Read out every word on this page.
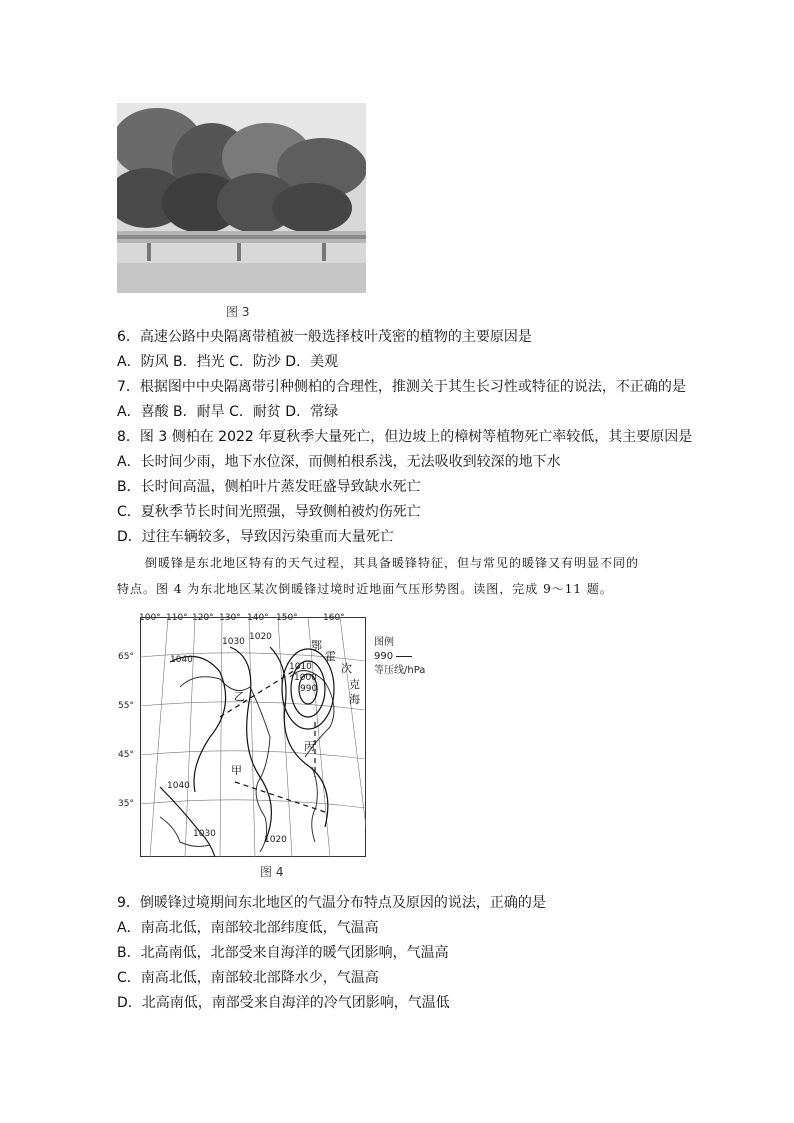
图 3
6．高速公路中央隔离带植被一般选择枝叶茂密的植物的主要原因是
A．防风 B．挡光 C．防沙 D．美观
7．根据图中中央隔离带引种侧柏的合理性，推测关于其生长习性或特征的说法，不正确的是
A．喜酸 B．耐旱 C．耐贫 D．常绿
8．图 3 侧柏在 2022 年夏秋季大量死亡，但边坡上的樟树等植物死亡率较低，其主要原因是
A．长时间少雨，地下水位深，而侧柏根系浅，无法吸收到较深的地下水
B．长时间高温，侧柏叶片蒸发旺盛导致缺水死亡
C．夏秋季节长时间光照强，导致侧柏被灼伤死亡
D．过往车辆较多，导致因污染重而大量死亡
倒暖锋是东北地区特有的天气过程，其具备暖锋特征，但与常见的暖锋又有明显不同的
特点。图 4 为东北地区某次倒暖锋过境时近地面气压形势图。读图，完成 9～11 题。
100° 110° 120° 130° 140° 150°	160°
65°
55°
45°
35°
1040
1030 1020
1010
1000
990
1040
1030
1020
甲
乙
丙
鄂
霍
次
克
海
图例
990
等压线/hPa
图 4
9．倒暖锋过境期间东北地区的气温分布特点及原因的说法，正确的是
A．南高北低，南部较北部纬度低，气温高
B．北高南低，北部受来自海洋的暖气团影响，气温高
C．南高北低，南部较北部降水少，气温高
D．北高南低，南部受来自海洋的冷气团影响，气温低
